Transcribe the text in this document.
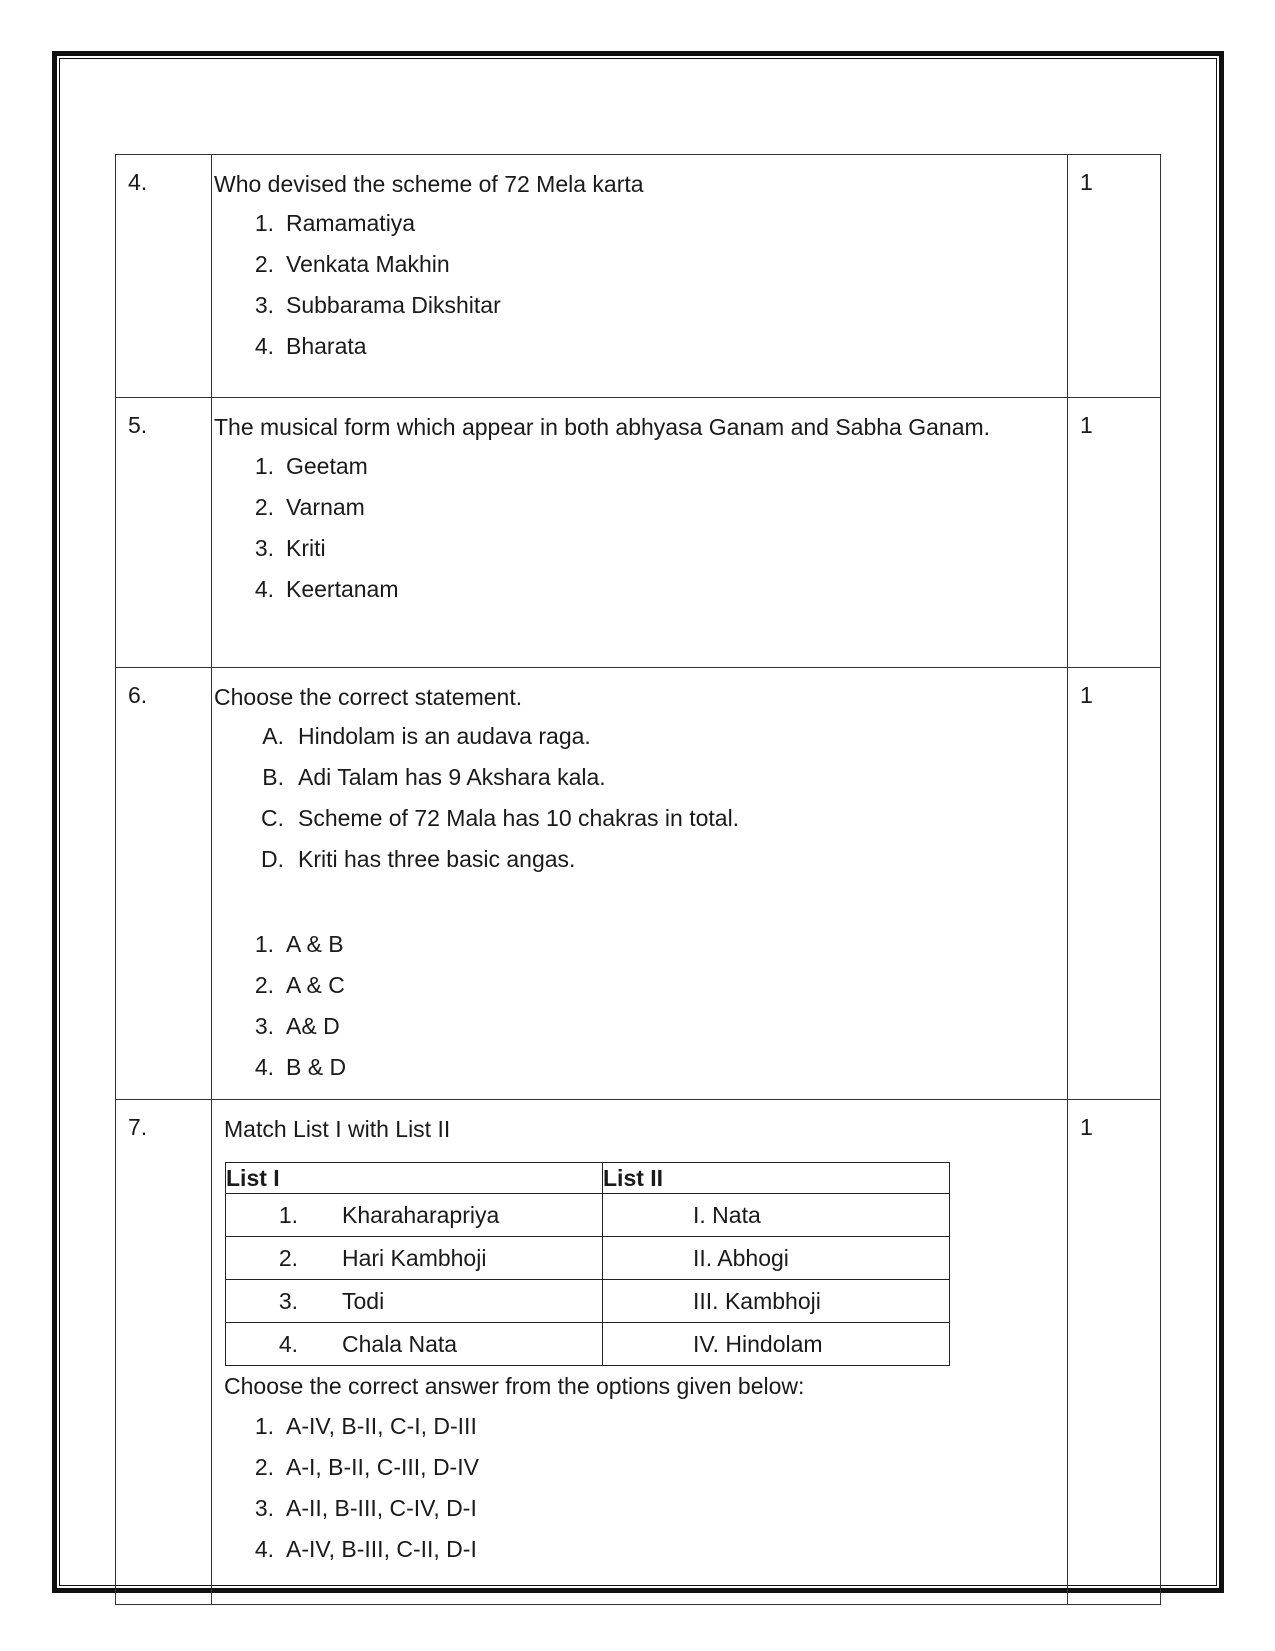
4.	Who devised the scheme of 72 Mela karta
1. Ramamatiya
2. Venkata Makhin
3. Subbarama Dikshitar
4. Bharata
	1
5.	The musical form which appear in both abhyasa Ganam and Sabha Ganam.
1. Geetam
2. Varnam
3. Kriti
4. Keertanam
	1
6.	Choose the correct statement.
A. Hindolam is an audava raga.
B. Adi Talam has 9 Akshara kala.
C. Scheme of 72 Mala has 10 chakras in total.
D. Kriti has three basic angas.
1. A & B
2. A & C
3. A& D
4. B & D
	1
7.	Match List I with List II
List I	List II
1. Kharaharapriya	I. Nata
2. Hari Kambhoji	II. Abhogi
3. Todi	III. Kambhoji
4. Chala Nata	IV. Hindolam
Choose the correct answer from the options given below:
1. A-IV, B-II, C-I, D-III
2. A-I, B-II, C-III, D-IV
3. A-II, B-III, C-IV, D-I
4. A-IV, B-III, C-II, D-I
	1
